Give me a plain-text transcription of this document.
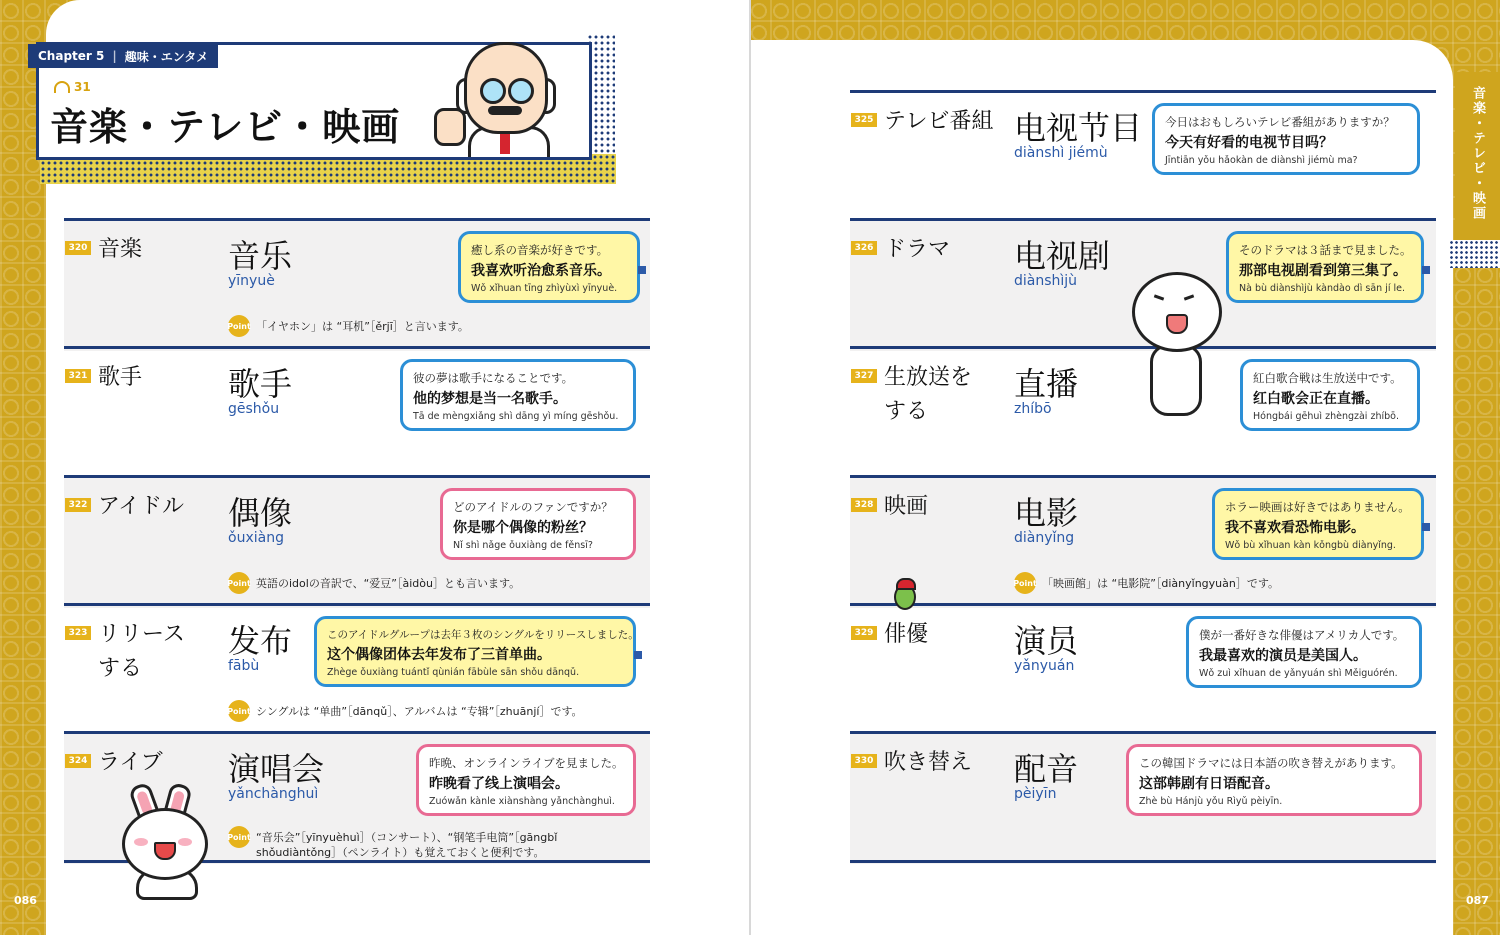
Chapter 5 | 趣味・エンタメ
31
音楽・テレビ・映画
320 音楽	音乐
yīnyuè
癒し系の音楽が好きです。
我喜欢听治愈系音乐。
Wǒ xǐhuan tīng zhìyùxì yīnyuè.
Point 「イヤホン」は “耳机”［ěrjī］と言います。
321 歌手	歌手
gēshǒu
彼の夢は歌手になることです。
他的梦想是当一名歌手。
Tā de mèngxiǎng shì dāng yì míng gēshǒu.
322 アイドル 偶像
ǒuxiàng
どのアイドルのファンですか？
你是哪个偶像的粉丝？
Nǐ shì nǎge ǒuxiàng de fěnsī?
Point 英語のidolの音訳で、“爱豆”［àidòu］とも言います。
323 リリースする
发布
fābù
このアイドルグループは去年３枚のシングルをリリースしました。
这个偶像团体去年发布了三首单曲。
Zhège ǒuxiàng tuántǐ qùnián fābùle sān shǒu dānqǔ.
Point シングルは “单曲”［dānqǔ］、アルバムは “专辑”［zhuānjí］です。
324 ライブ 演唱会
yǎnchànghuì
昨晩、オンラインライブを見ました。
昨晚看了线上演唱会。
Zuówǎn kànle xiànshàng yǎnchànghuì.
Point “音乐会”［yīnyuèhuì］（コンサート）、“钢笔手电筒”［gāngbǐ shǒudiàntǒng］（ペンライト）も覚えておくと便利です。
325 テレビ番組 电视节目
diànshì jiémù
今日はおもしろいテレビ番組がありますか？
今天有好看的电视节目吗？
Jīntiān yǒu hǎokàn de diànshì jiémù ma?
326 ドラマ 电视剧
diànshìjù
そのドラマは３話まで見ました。
那部电视剧看到第三集了。
Nà bù diànshìjù kàndào dì sān jí le.
327 生放送をする
直播
zhíbō
紅白歌合戦は生放送中です。
红白歌会正在直播。
Hóngbái gēhuì zhèngzài zhíbō.
328 映画	电影
diànyǐng
ホラー映画は好きではありません。
我不喜欢看恐怖电影。
Wǒ bù xǐhuan kàn kǒngbù diànyǐng.
Point 「映画館」は “电影院”［diànyǐngyuàn］です。
329 俳優	演员
yǎnyuán
僕が一番好きな俳優はアメリカ人です。
我最喜欢的演员是美国人。
Wǒ zuì xǐhuan de yǎnyuán shì Měiguórén.
330 吹き替え 配音
pèiyīn
この韓国ドラマには日本語の吹き替えがあります。
这部韩剧有日语配音。
Zhè bù Hánjù yǒu Rìyǔ pèiyīn.
音楽・テレビ・映画
086	087
